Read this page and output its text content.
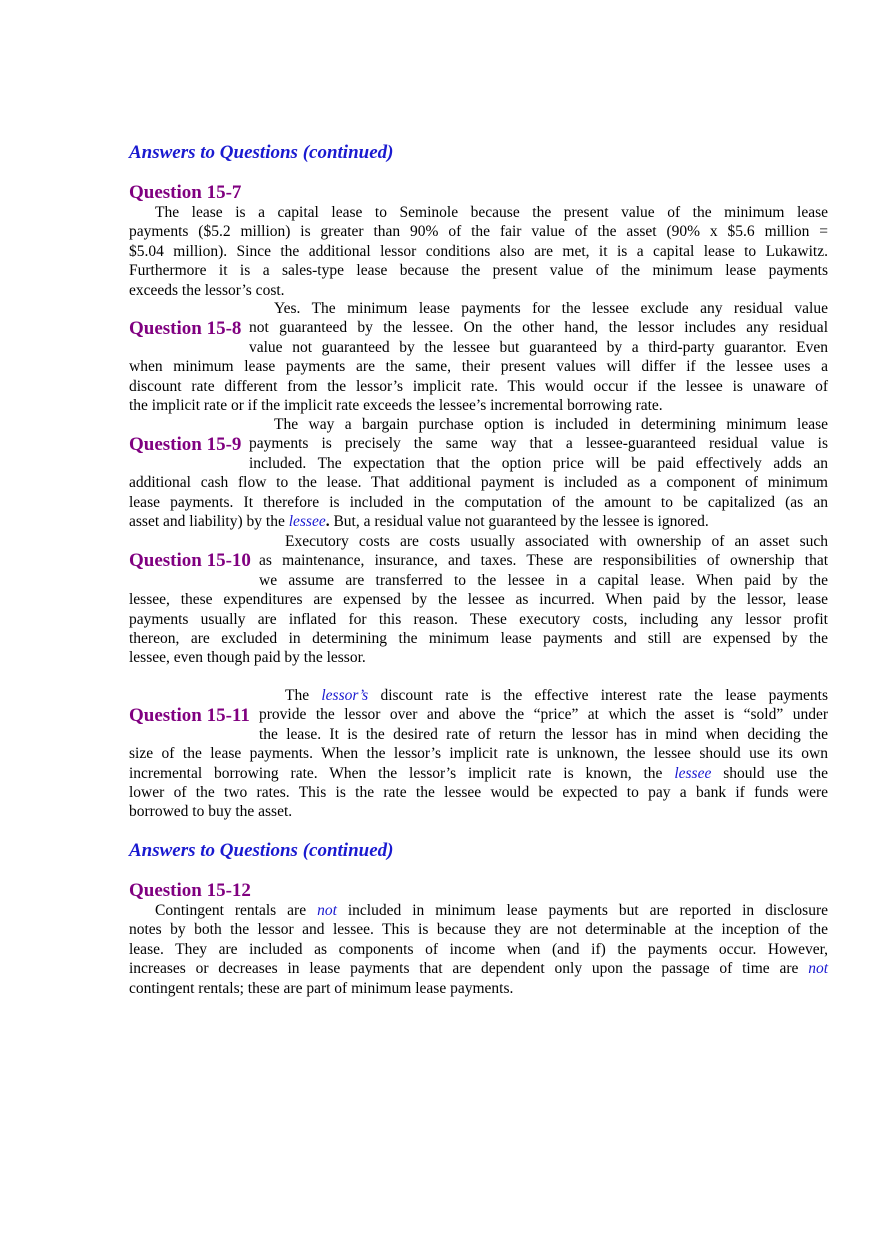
Answers to Questions (continued)
Question 15-7
The lease is a capital lease to Seminole because the present value of the minimum lease
payments ($5.2 million) is greater than 90% of the fair value of the asset (90% x $5.6 million =
$5.04 million). Since the additional lessor conditions also are met, it is a capital lease to Lukawitz.
Furthermore it is a sales-type lease because the present value of the minimum lease payments
exceeds the lessor’s cost.
Question 15-8
Yes. The minimum lease payments for the lessee exclude any residual value
not guaranteed by the lessee. On the other hand, the lessor includes any residual
value not guaranteed by the lessee but guaranteed by a third-party guarantor. Even
when minimum lease payments are the same, their present values will differ if the lessee uses a
discount rate different from the lessor’s implicit rate. This would occur if the lessee is unaware of
the implicit rate or if the implicit rate exceeds the lessee’s incremental borrowing rate.
Question 15-9
The way a bargain purchase option is included in determining minimum lease
payments is precisely the same way that a lessee-guaranteed residual value is
included. The expectation that the option price will be paid effectively adds an
additional cash flow to the lease. That additional payment is included as a component of minimum
lease payments. It therefore is included in the computation of the amount to be capitalized (as an
asset and liability) by the lessee. But, a residual value not guaranteed by the lessee is ignored.
Question 15-10
Executory costs are costs usually associated with ownership of an asset such
as maintenance, insurance, and taxes. These are responsibilities of ownership that
we assume are transferred to the lessee in a capital lease. When paid by the
lessee, these expenditures are expensed by the lessee as incurred. When paid by the lessor, lease
payments usually are inflated for this reason. These executory costs, including any lessor profit
thereon, are excluded in determining the minimum lease payments and still are expensed by the
lessee, even though paid by the lessor.
Question 15-11
The lessor’s discount rate is the effective interest rate the lease payments
provide the lessor over and above the “price” at which the asset is “sold” under
the lease. It is the desired rate of return the lessor has in mind when deciding the
size of the lease payments. When the lessor’s implicit rate is unknown, the lessee should use its own
incremental borrowing rate. When the lessor’s implicit rate is known, the lessee should use the
lower of the two rates. This is the rate the lessee would be expected to pay a bank if funds were
borrowed to buy the asset.
Answers to Questions (continued)
Question 15-12
Contingent rentals are not included in minimum lease payments but are reported in disclosure
notes by both the lessor and lessee. This is because they are not determinable at the inception of the
lease. They are included as components of income when (and if) the payments occur. However,
increases or decreases in lease payments that are dependent only upon the passage of time are not
contingent rentals; these are part of minimum lease payments.
